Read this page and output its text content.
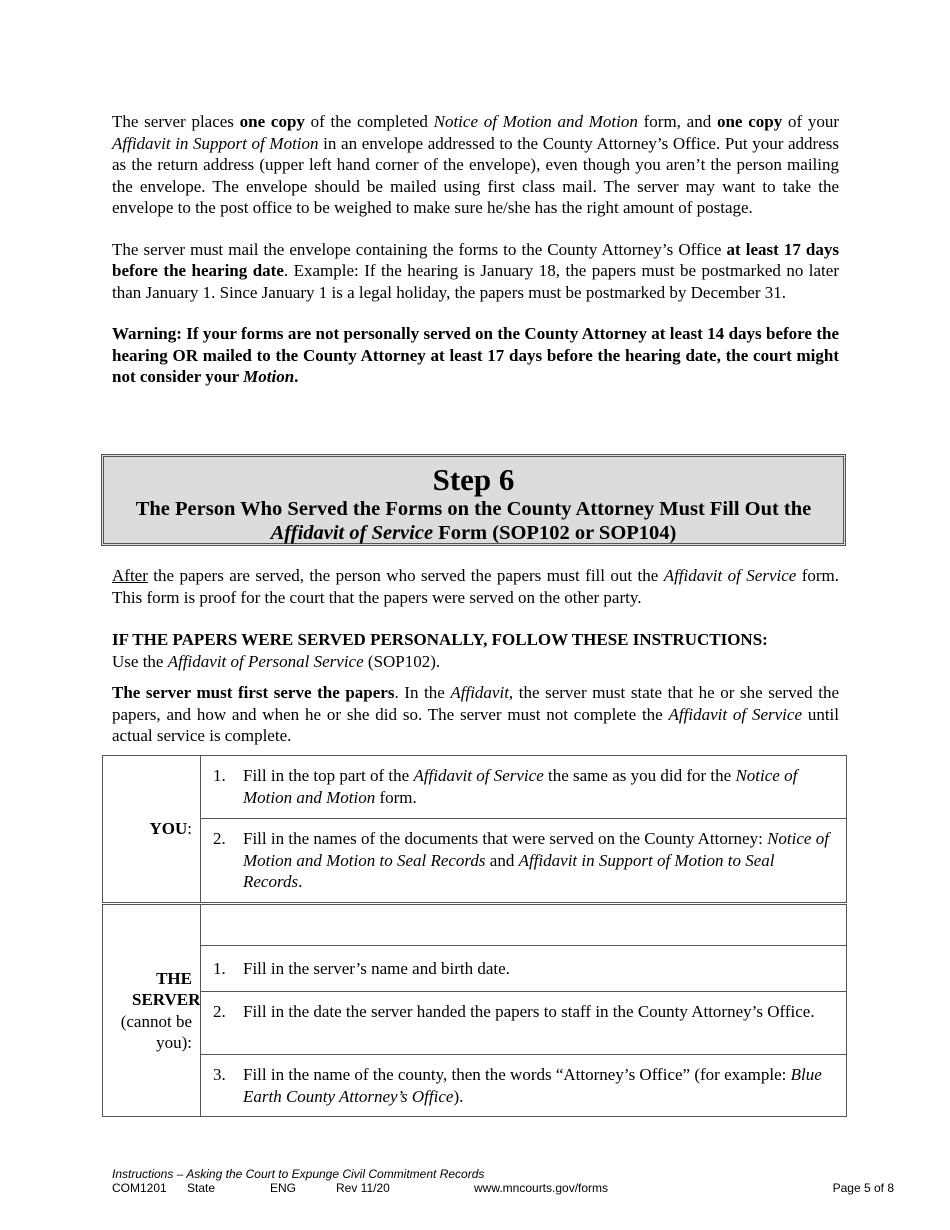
The server places one copy of the completed Notice of Motion and Motion form, and one copy of your Affidavit in Support of Motion in an envelope addressed to the County Attorney’s Office. Put your address as the return address (upper left hand corner of the envelope), even though you aren’t the person mailing the envelope. The envelope should be mailed using first class mail. The server may want to take the envelope to the post office to be weighed to make sure he/she has the right amount of postage.

The server must mail the envelope containing the forms to the County Attorney’s Office at least 17 days before the hearing date. Example: If the hearing is January 18, the papers must be postmarked no later than January 1. Since January 1 is a legal holiday, the papers must be postmarked by December 31.

Warning: If your forms are not personally served on the County Attorney at least 14 days before the hearing OR mailed to the County Attorney at least 17 days before the hearing date, the court might not consider your Motion.

Step 6
The Person Who Served the Forms on the County Attorney Must Fill Out the
Affidavit of Service Form (SOP102 or SOP104)

After the papers are served, the person who served the papers must fill out the Affidavit of Service form. This form is proof for the court that the papers were served on the other party.

IF THE PAPERS WERE SERVED PERSONALLY, FOLLOW THESE INSTRUCTIONS:

Use the Affidavit of Personal Service (SOP102).

The server must first serve the papers. In the Affidavit, the server must state that he or she served the papers, and how and when he or she did so. The server must not complete the Affidavit of Service until actual service is complete.

YOU:	1. Fill in the top part of the Affidavit of Service the same as you did for the Notice of Motion and Motion form.
	2. Fill in the names of the documents that were served on the County Attorney: Notice of Motion and Motion to Seal Records and Affidavit in Support of Motion to Seal Records.
THE SERVER
(cannot be you):	
	1. Fill in the server’s name and birth date.
	2. Fill in the date the server handed the papers to staff in the County Attorney’s Office.
	3. Fill in the name of the county, then the words “Attorney’s Office” (for example: Blue Earth County Attorney’s Office).
Instructions – Asking the Court to Expunge Civil Commitment Records
COM1201 State	ENG	Rev 11/20	www.mncourts.gov/forms	Page 5 of 8
